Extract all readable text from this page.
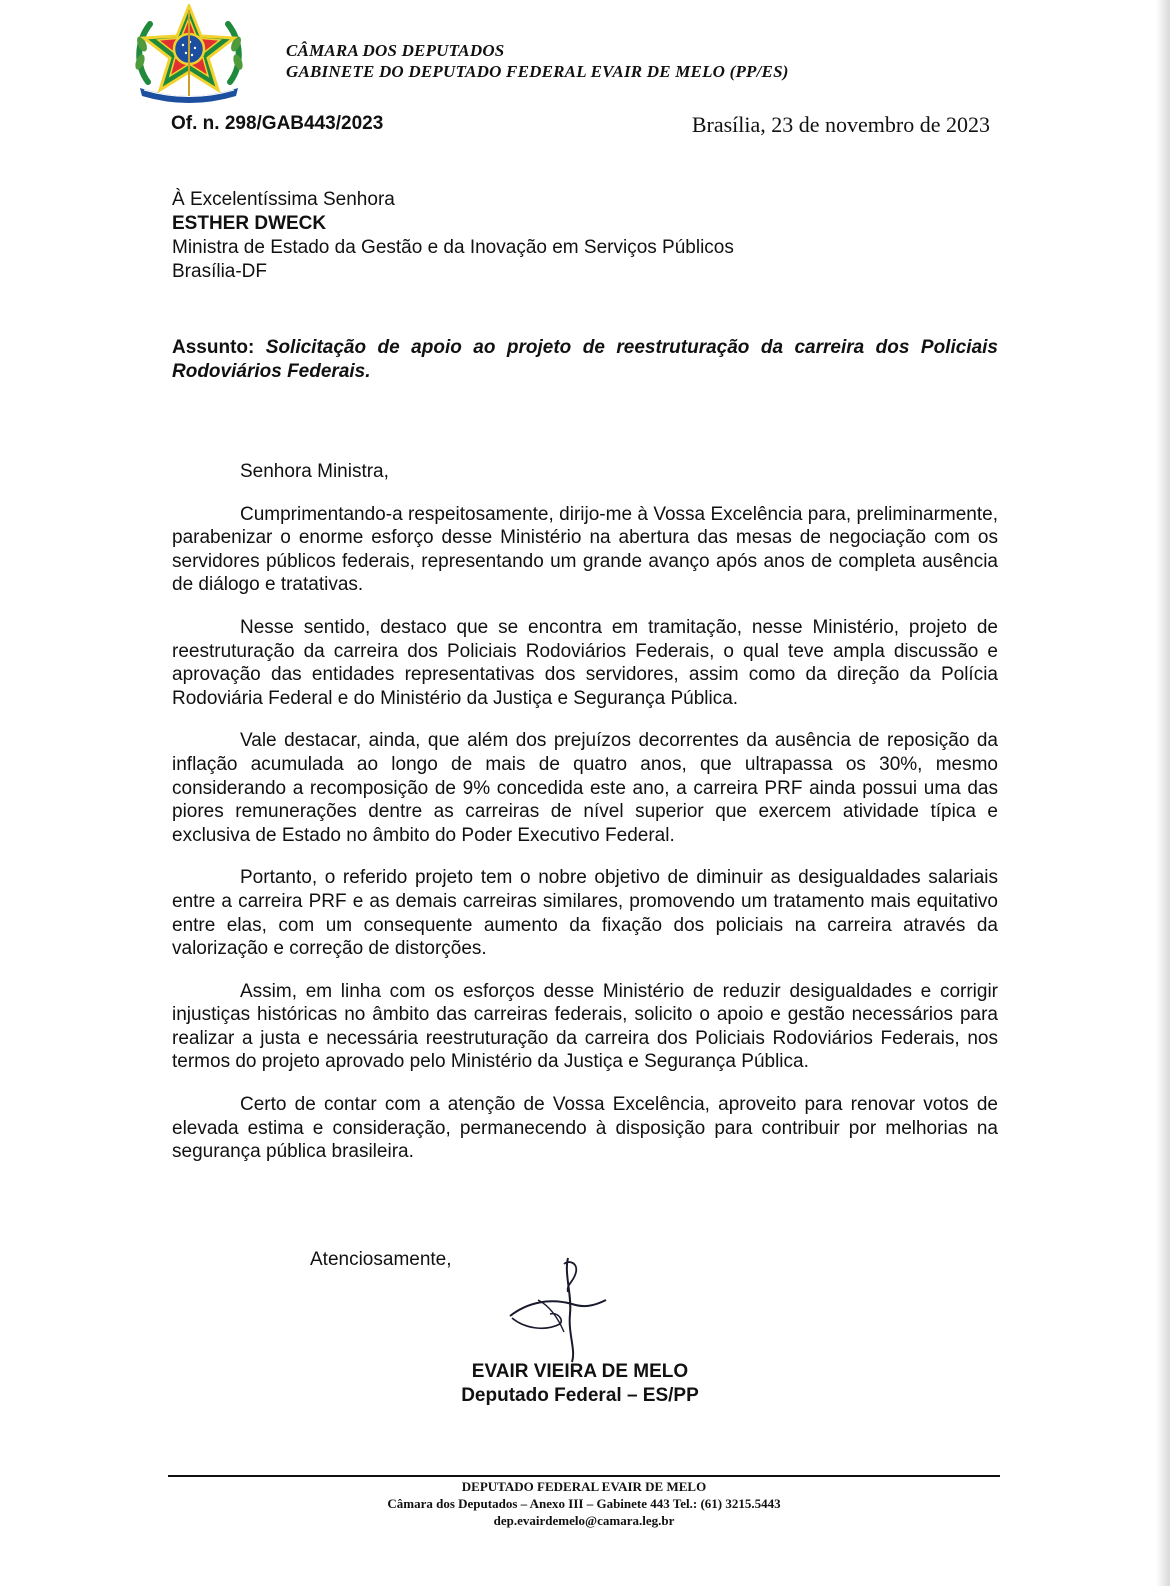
CÂMARA DOS DEPUTADOS
GABINETE DO DEPUTADO FEDERAL EVAIR DE MELO (PP/ES)
Of. n. 298/GAB443/2023	Brasília, 23 de novembro de 2023
À Excelentíssima Senhora
ESTHER DWECK
Ministra de Estado da Gestão e da Inovação em Serviços Públicos
Brasília-DF
Assunto: Solicitação de apoio ao projeto de reestruturação da carreira dos Policiais Rodoviários Federais.
Senhora Ministra,

Cumprimentando-a respeitosamente, dirijo-me à Vossa Excelência para, preliminarmente, parabenizar o enorme esforço desse Ministério na abertura das mesas de negociação com os servidores públicos federais, representando um grande avanço após anos de completa ausência de diálogo e tratativas.

Nesse sentido, destaco que se encontra em tramitação, nesse Ministério, projeto de reestruturação da carreira dos Policiais Rodoviários Federais, o qual teve ampla discussão e aprovação das entidades representativas dos servidores, assim como da direção da Polícia Rodoviária Federal e do Ministério da Justiça e Segurança Pública.

Vale destacar, ainda, que além dos prejuízos decorrentes da ausência de reposição da inflação acumulada ao longo de mais de quatro anos, que ultrapassa os 30%, mesmo considerando a recomposição de 9% concedida este ano, a carreira PRF ainda possui uma das piores remunerações dentre as carreiras de nível superior que exercem atividade típica e exclusiva de Estado no âmbito do Poder Executivo Federal.

Portanto, o referido projeto tem o nobre objetivo de diminuir as desigualdades salariais entre a carreira PRF e as demais carreiras similares, promovendo um tratamento mais equitativo entre elas, com um consequente aumento da fixação dos policiais na carreira através da valorização e correção de distorções.

Assim, em linha com os esforços desse Ministério de reduzir desigualdades e corrigir injustiças históricas no âmbito das carreiras federais, solicito o apoio e gestão necessários para realizar a justa e necessária reestruturação da carreira dos Policiais Rodoviários Federais, nos termos do projeto aprovado pelo Ministério da Justiça e Segurança Pública.

Certo de contar com a atenção de Vossa Excelência, aproveito para renovar votos de elevada estima e consideração, permanecendo à disposição para contribuir por melhorias na segurança pública brasileira.

Atenciosamente,
EVAIR VIEIRA DE MELO
Deputado Federal – ES/PP
DEPUTADO FEDERAL EVAIR DE MELO
Câmara dos Deputados – Anexo III – Gabinete 443 Tel.: (61) 3215.5443
dep.evairdemelo@camara.leg.br
